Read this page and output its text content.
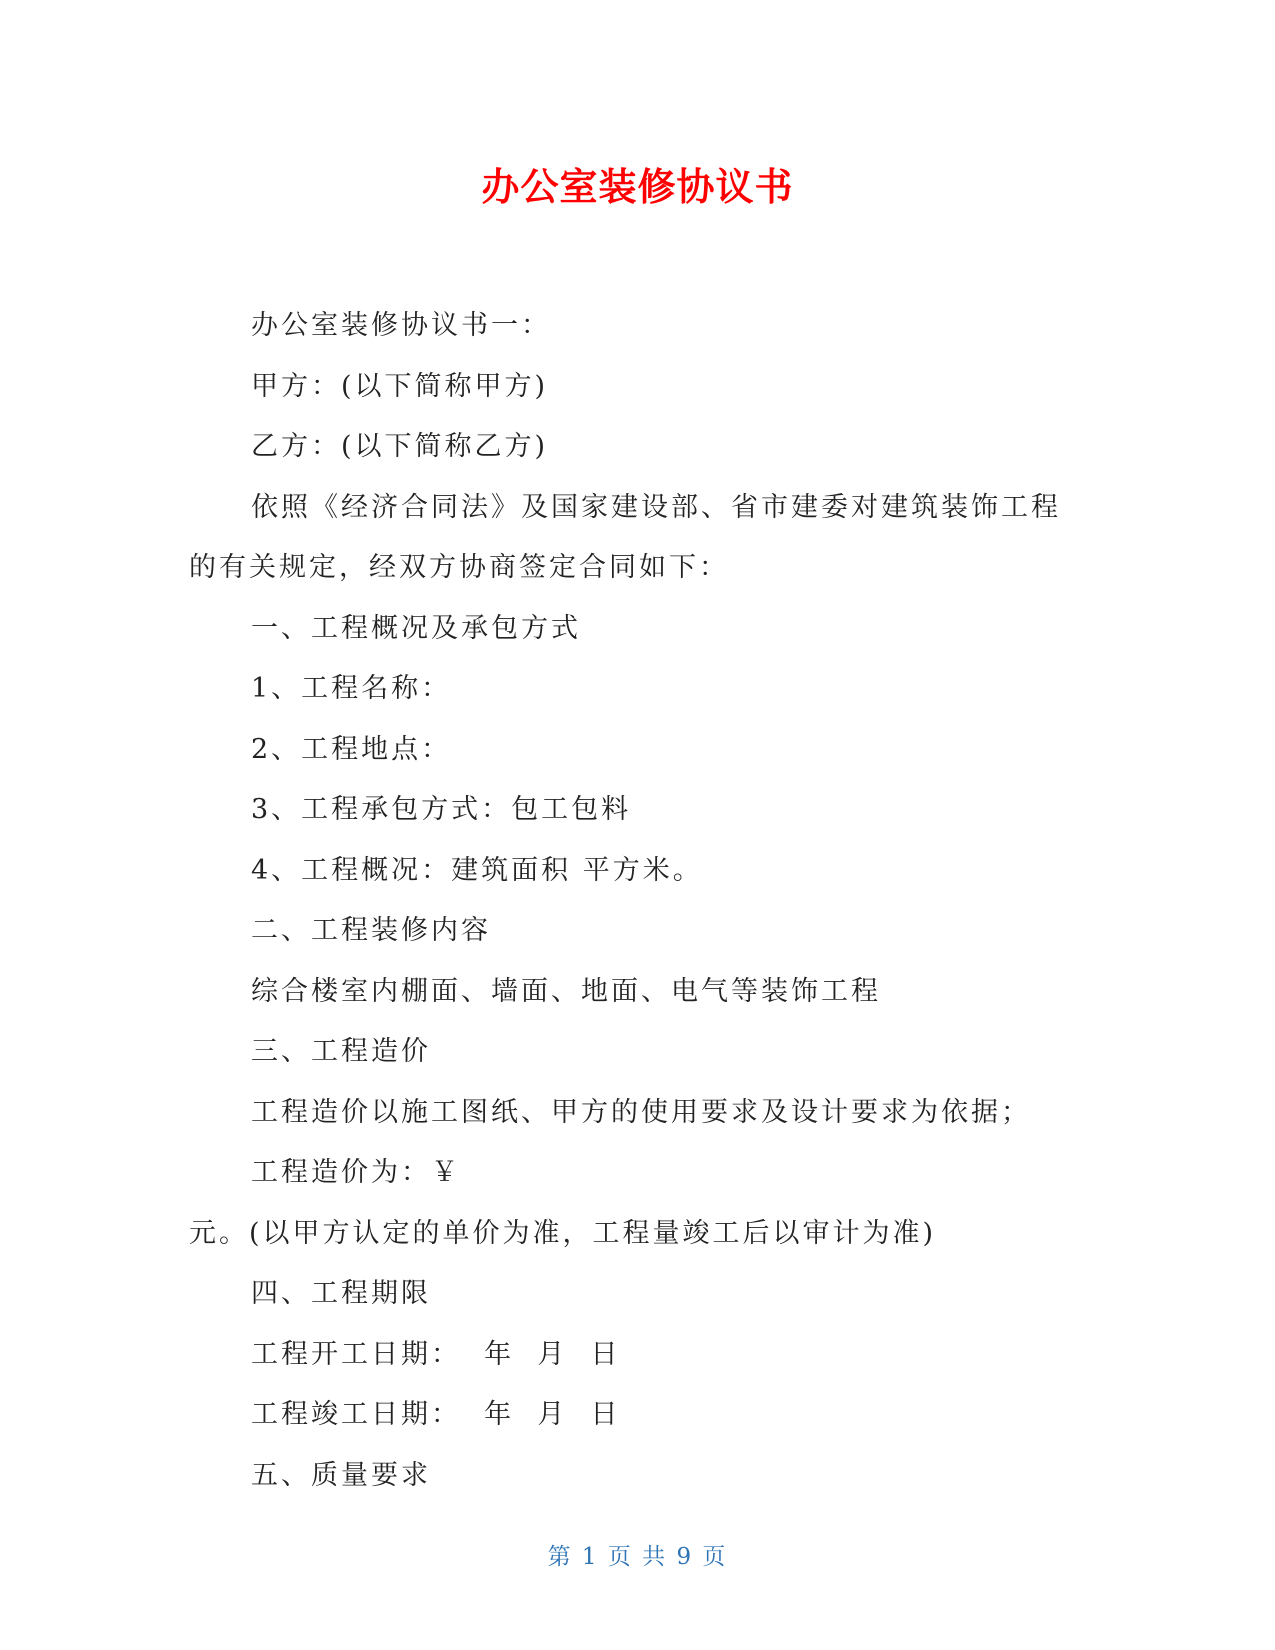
办公室装修协议书

办公室装修协议书一：

甲方：(以下简称甲方)

乙方：(以下简称乙方)

依照《经济合同法》及国家建设部、省市建委对建筑装饰工程的有关规定，经双方协商签定合同如下：

一、工程概况及承包方式

1、工程名称：

2、工程地点：

3、工程承包方式：包工包料

4、工程概况：建筑面积 平方米。

二、工程装修内容

综合楼室内棚面、墙面、地面、电气等装饰工程

三、工程造价

工程造价以施工图纸、甲方的使用要求及设计要求为依据；

工程造价为：￥

元。(以甲方认定的单价为准，工程量竣工后以审计为准)

四、工程期限

工程开工日期：  年  月  日

工程竣工日期：  年  月  日

五、质量要求

第 1 页 共 9 页
